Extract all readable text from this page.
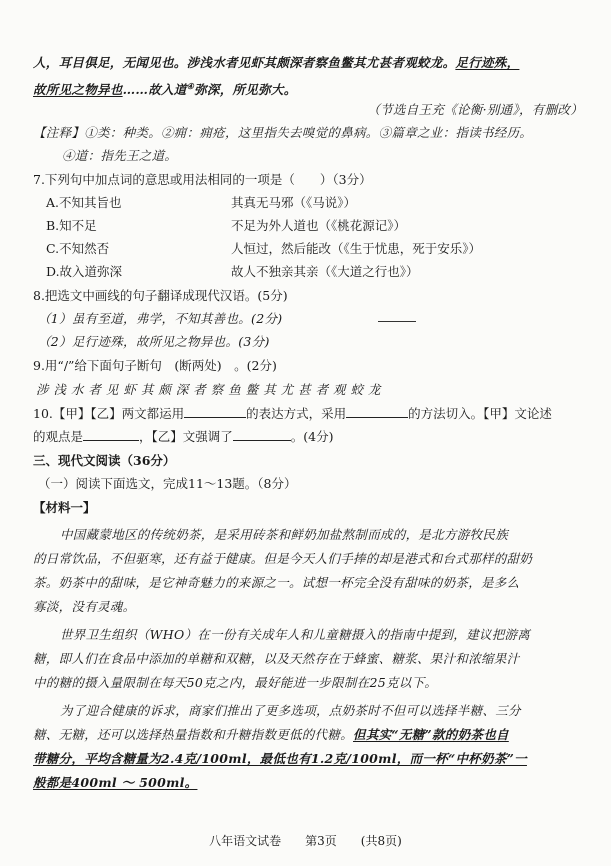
人，耳目俱足，无闻见也。涉浅水者见虾其颇深者察鱼鳖其尤甚者观蛟龙。足行迹殊，
故所见之物异也……故入道④弥深，所见弥大。
（节选自王充《论衡·别通》，有删改）
【注释】①类：种类。②痈：痈疮，这里指失去嗅觉的鼻病。③篇章之业：指读书经历。
④道：指先王之道。
7.下列句中加点词的意思或用法相同的一项是（　　）（3分）
A.不知其旨也	其真无马邪（《马说》）
B.知不足	不足为外人道也（《桃花源记》）
C.不知然否	人恒过，然后能改（《生于忧患，死于安乐》）
D.故入道弥深	故人不独亲其亲（《大道之行也》）
8.把选文中画线的句子翻译成现代汉语。(5分)
（1）虽有至道，弗学，不知其善也。(2分)
（2）足行迹殊，故所见之物异也。(3分)
9.用“/”给下面句子断句　(断两处)　。(2分)
涉 浅 水 者 见 虾 其 颇 深 者 察 鱼 鳖 其 尤 甚 者 观 蛟 龙
10.【甲】【乙】两文都运用	的表达方式，采用	的方法切入。【甲】文论述
的观点是	，【乙】文强调了	。(4分)
三、现代文阅读（36分）
（一）阅读下面选文，完成11～13题。（8分）
【材料一】
中国藏蒙地区的传统奶茶，是采用砖茶和鲜奶加盐熬制而成的，是北方游牧民族
的日常饮品，不但驱寒，还有益于健康。但是今天人们手捧的却是港式和台式那样的甜奶
茶。奶茶中的甜味，是它神奇魅力的来源之一。试想一杯完全没有甜味的奶茶，是多么
寡淡，没有灵魂。
世界卫生组织（WHO）在一份有关成年人和儿童糖摄入的指南中提到，建议把游离
糖，即人们在食品中添加的单糖和双糖，以及天然存在于蜂蜜、糖浆、果汁和浓缩果汁
中的糖的摄入量限制在每天50克之内，最好能进一步限制在25克以下。
为了迎合健康的诉求，商家们推出了更多选项，点奶茶时不但可以选择半糖、三分
糖、无糖，还可以选择热量指数和升糖指数更低的代糖。但其实“无糖”款的奶茶也自
带糖分，平均含糖量为2.4克/100ml，最低也有1.2克/100ml，而一杯“中杯奶茶”一
般都是400ml ～ 500ml。
八年语文试卷　　第3页　　(共8页)
